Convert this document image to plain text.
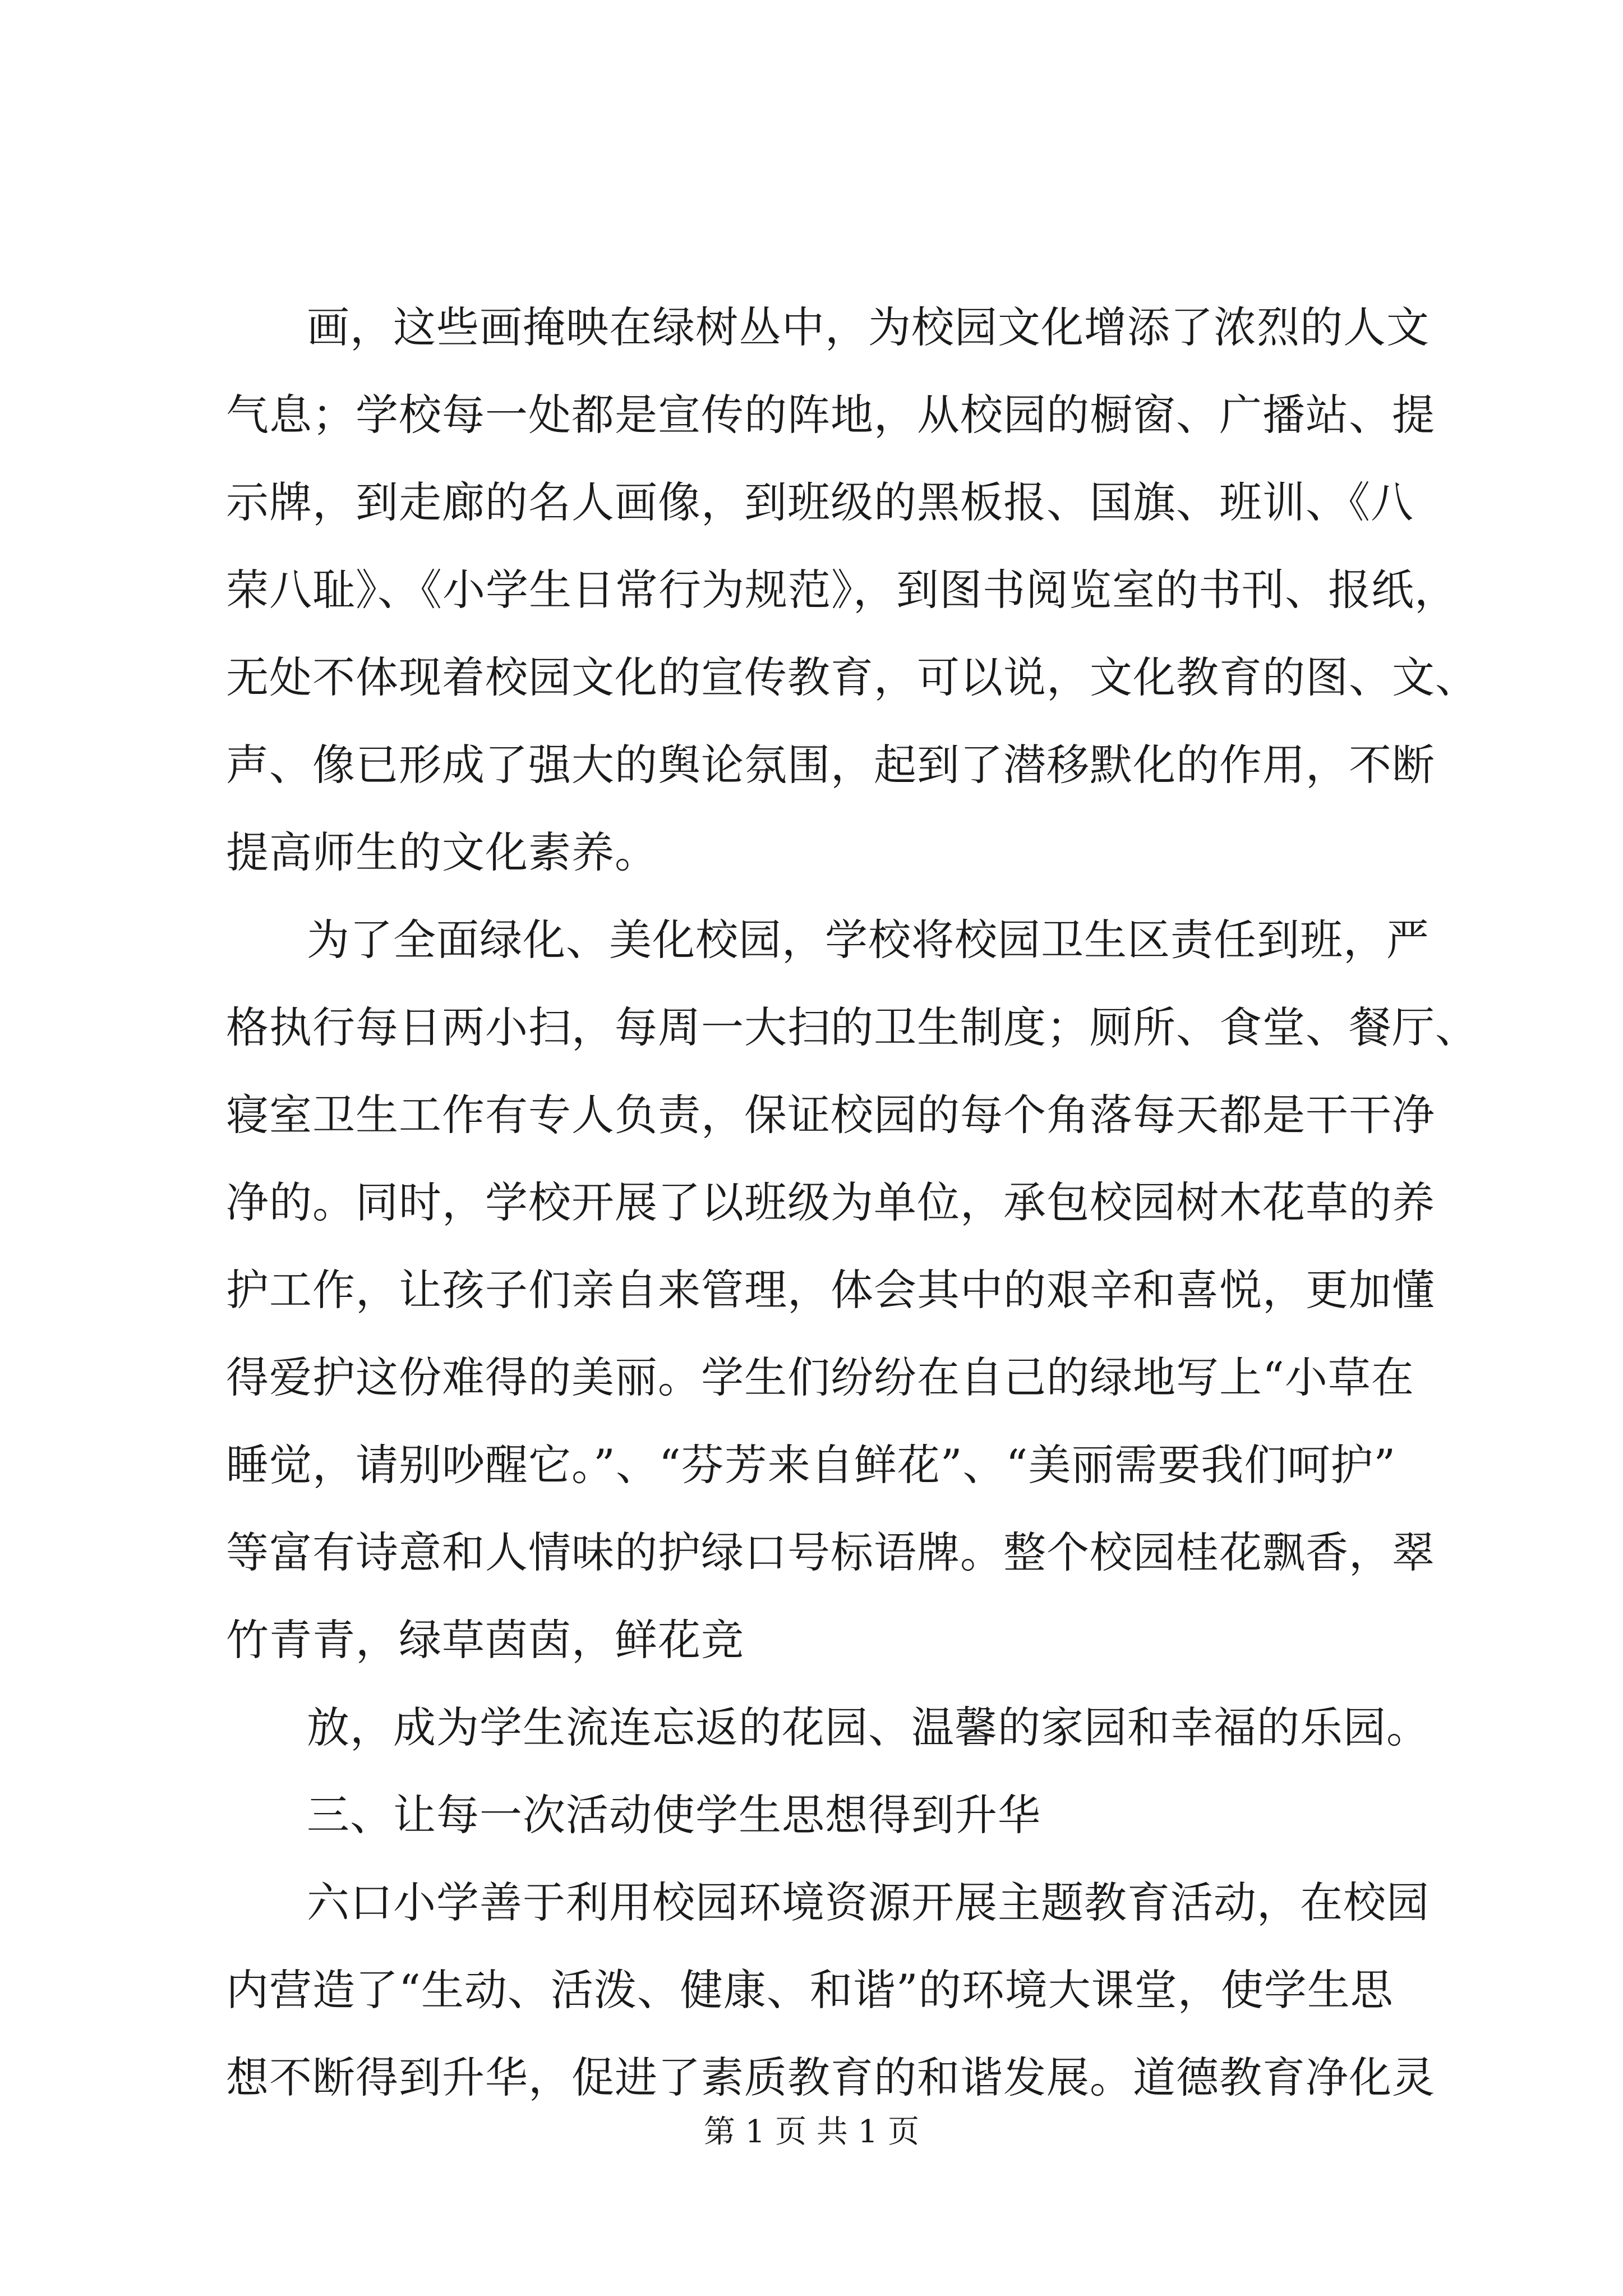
画，这些画掩映在绿树丛中，为校园文化增添了浓烈的人文
气息；学校每一处都是宣传的阵地，从校园的橱窗、广播站、提
示牌，到走廊的名人画像，到班级的黑板报、国旗、班训、《八
荣八耻》、《小学生日常行为规范》，到图书阅览室的书刊、报纸，
无处不体现着校园文化的宣传教育，可以说，文化教育的图、文、
声、像已形成了强大的舆论氛围，起到了潜移默化的作用，不断
提高师生的文化素养。
为了全面绿化、美化校园，学校将校园卫生区责任到班，严
格执行每日两小扫，每周一大扫的卫生制度；厕所、食堂、餐厅、
寝室卫生工作有专人负责，保证校园的每个角落每天都是干干净
净的。同时，学校开展了以班级为单位，承包校园树木花草的养
护工作，让孩子们亲自来管理，体会其中的艰辛和喜悦，更加懂
得爱护这份难得的美丽。学生们纷纷在自己的绿地写上“小草在
睡觉，请别吵醒它。”、“芬芳来自鲜花”、“美丽需要我们呵护”
等富有诗意和人情味的护绿口号标语牌。整个校园桂花飘香，翠
竹青青，绿草茵茵，鲜花竞
放，成为学生流连忘返的花园、温馨的家园和幸福的乐园。
三、让每一次活动使学生思想得到升华
六口小学善于利用校园环境资源开展主题教育活动，在校园
内营造了“生动、活泼、健康、和谐”的环境大课堂，使学生思
想不断得到升华，促进了素质教育的和谐发展。道德教育净化灵
第 1 页 共 1 页
